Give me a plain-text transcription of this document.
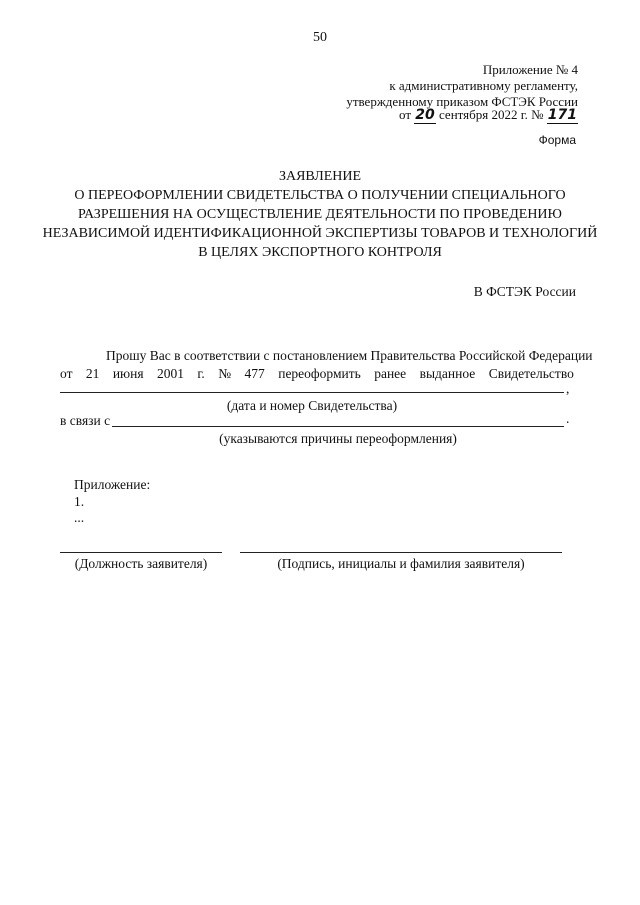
50
Приложение № 4
к административному регламенту,
утвержденному приказом ФСТЭК России
от 20 сентября 2022 г. № 171
Форма
ЗАЯВЛЕНИЕ
О ПЕРЕОФОРМЛЕНИИ СВИДЕТЕЛЬСТВА О ПОЛУЧЕНИИ СПЕЦИАЛЬНОГО
РАЗРЕШЕНИЯ НА ОСУЩЕСТВЛЕНИЕ ДЕЯТЕЛЬНОСТИ ПО ПРОВЕДЕНИЮ
НЕЗАВИСИМОЙ ИДЕНТИФИКАЦИОННОЙ ЭКСПЕРТИЗЫ ТОВАРОВ И ТЕХНОЛОГИЙ
В ЦЕЛЯХ ЭКСПОРТНОГО КОНТРОЛЯ
В ФСТЭК России
Прошу Вас в соответствии с постановлением Правительства Российской Федерации
от 21 июня 2001 г. № 477 переоформить ранее выданное Свидетельство
,
(дата и номер Свидетельства)
в связи с	.
(указываются причины переоформления)
Приложение:
1.
...
(Должность заявителя)	(Подпись, инициалы и фамилия заявителя)
